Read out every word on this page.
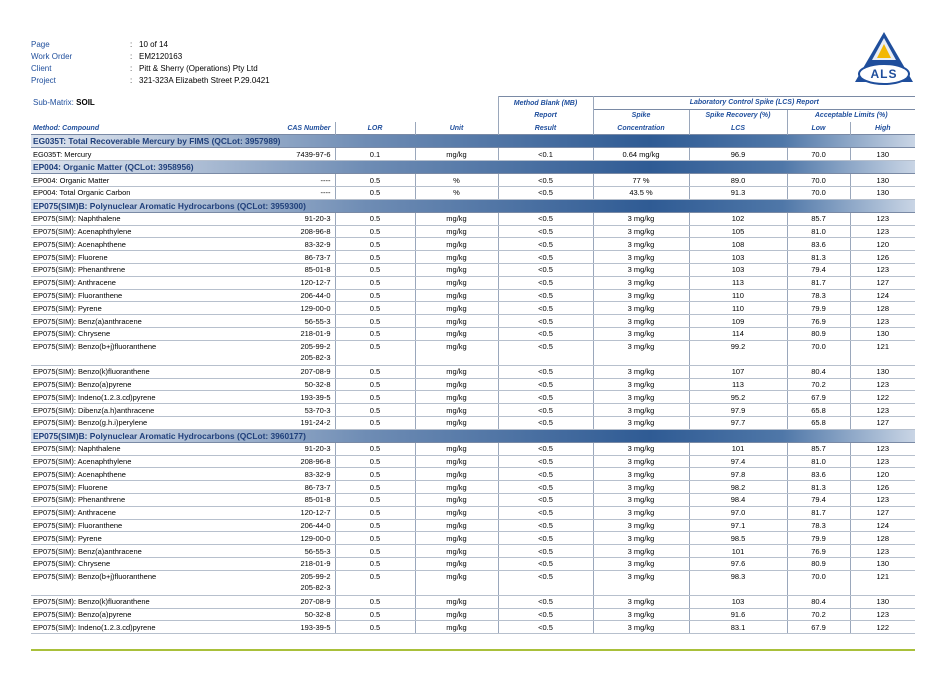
Page	: 10 of 14
Work Order	: EM2120163
Client	: Pitt & Sherry (Operations) Pty Ltd
Project	: 321-323A Elizabeth Street P.29.0421	ALS
Sub-Matrix: SOIL				Method Blank (MB)	Laboratory Control Spike (LCS) Report			
				Report	Spike	Spike Recovery (%)	Acceptable Limits (%)	
Method: Compound	CAS Number	LOR	Unit	Result	Concentration	LCS	Low	High
EG035T: Total Recoverable Mercury by FIMS (QCLot: 3957989)								
EG035T: Mercury	7439-97-6	0.1	mg/kg	<0.1	0.64 mg/kg	96.9	70.0	130
EP004: Organic Matter (QCLot: 3958956)								
EP004: Organic Matter	----	0.5	%	<0.5	77 %	89.0	70.0	130
EP004: Total Organic Carbon	----	0.5	%	<0.5	43.5 %	91.3	70.0	130
EP075(SIM)B: Polynuclear Aromatic Hydrocarbons (QCLot: 3959300)								
EP075(SIM): Naphthalene	91-20-3	0.5	mg/kg	<0.5	3 mg/kg	102	85.7	123
EP075(SIM): Acenaphthylene	208-96-8	0.5	mg/kg	<0.5	3 mg/kg	105	81.0	123
EP075(SIM): Acenaphthene	83-32-9	0.5	mg/kg	<0.5	3 mg/kg	108	83.6	120
EP075(SIM): Fluorene	86-73-7	0.5	mg/kg	<0.5	3 mg/kg	103	81.3	126
EP075(SIM): Phenanthrene	85-01-8	0.5	mg/kg	<0.5	3 mg/kg	103	79.4	123
EP075(SIM): Anthracene	120-12-7	0.5	mg/kg	<0.5	3 mg/kg	113	81.7	127
EP075(SIM): Fluoranthene	206-44-0	0.5	mg/kg	<0.5	3 mg/kg	110	78.3	124
EP075(SIM): Pyrene	129-00-0	0.5	mg/kg	<0.5	3 mg/kg	110	79.9	128
EP075(SIM): Benz(a)anthracene	56-55-3	0.5	mg/kg	<0.5	3 mg/kg	109	76.9	123
EP075(SIM): Chrysene	218-01-9	0.5	mg/kg	<0.5	3 mg/kg	114	80.9	130
EP075(SIM): Benzo(b+j)fluoranthene	205-99-2
205-82-3	0.5	mg/kg	<0.5	3 mg/kg	99.2	70.0	121
EP075(SIM): Benzo(k)fluoranthene	207-08-9	0.5	mg/kg	<0.5	3 mg/kg	107	80.4	130
EP075(SIM): Benzo(a)pyrene	50-32-8	0.5	mg/kg	<0.5	3 mg/kg	113	70.2	123
EP075(SIM): Indeno(1.2.3.cd)pyrene	193-39-5	0.5	mg/kg	<0.5	3 mg/kg	95.2	67.9	122
EP075(SIM): Dibenz(a.h)anthracene	53-70-3	0.5	mg/kg	<0.5	3 mg/kg	97.9	65.8	123
EP075(SIM): Benzo(g.h.i)perylene	191-24-2	0.5	mg/kg	<0.5	3 mg/kg	97.7	65.8	127
EP075(SIM)B: Polynuclear Aromatic Hydrocarbons (QCLot: 3960177)								
EP075(SIM): Naphthalene	91-20-3	0.5	mg/kg	<0.5	3 mg/kg	101	85.7	123
EP075(SIM): Acenaphthylene	208-96-8	0.5	mg/kg	<0.5	3 mg/kg	97.4	81.0	123
EP075(SIM): Acenaphthene	83-32-9	0.5	mg/kg	<0.5	3 mg/kg	97.8	83.6	120
EP075(SIM): Fluorene	86-73-7	0.5	mg/kg	<0.5	3 mg/kg	98.2	81.3	126
EP075(SIM): Phenanthrene	85-01-8	0.5	mg/kg	<0.5	3 mg/kg	98.4	79.4	123
EP075(SIM): Anthracene	120-12-7	0.5	mg/kg	<0.5	3 mg/kg	97.0	81.7	127
EP075(SIM): Fluoranthene	206-44-0	0.5	mg/kg	<0.5	3 mg/kg	97.1	78.3	124
EP075(SIM): Pyrene	129-00-0	0.5	mg/kg	<0.5	3 mg/kg	98.5	79.9	128
EP075(SIM): Benz(a)anthracene	56-55-3	0.5	mg/kg	<0.5	3 mg/kg	101	76.9	123
EP075(SIM): Chrysene	218-01-9	0.5	mg/kg	<0.5	3 mg/kg	97.6	80.9	130
EP075(SIM): Benzo(b+j)fluoranthene	205-99-2
205-82-3	0.5	mg/kg	<0.5	3 mg/kg	98.3	70.0	121
EP075(SIM): Benzo(k)fluoranthene	207-08-9	0.5	mg/kg	<0.5	3 mg/kg	103	80.4	130
EP075(SIM): Benzo(a)pyrene	50-32-8	0.5	mg/kg	<0.5	3 mg/kg	91.6	70.2	123
EP075(SIM): Indeno(1.2.3.cd)pyrene	193-39-5	0.5	mg/kg	<0.5	3 mg/kg	83.1	67.9	122
